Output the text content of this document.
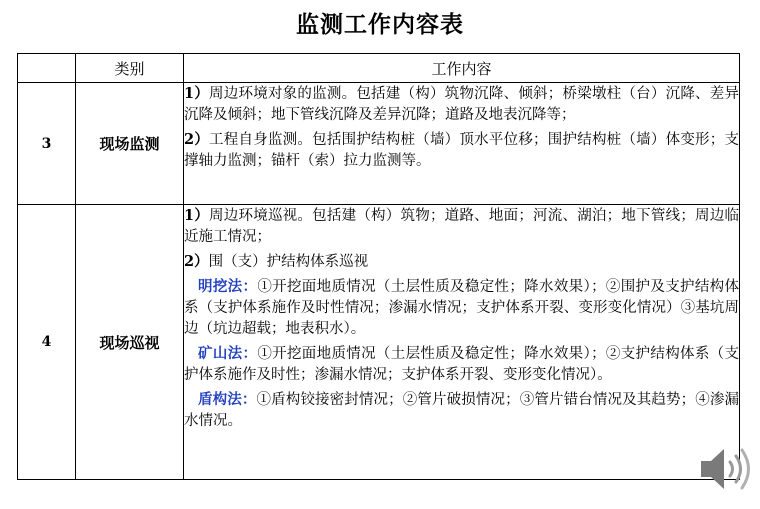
监测工作内容表
	类别	工作内容
3	现场监测	1）周边环境对象的监测。包括建（构）筑物沉降、倾斜；桥梁墩柱（台）沉降、差异沉降及倾斜；地下管线沉降及差异沉降；道路及地表沉降等；

2）工程自身监测。包括围护结构桩（墙）顶水平位移；围护结构桩（墙）体变形；支撑轴力监测；锚杆（索）拉力监测等。

4	现场巡视	1）周边环境巡视。包括建（构）筑物；道路、地面；河流、湖泊；地下管线；周边临近施工情况；

2）围（支）护结构体系巡视

明挖法：①开挖面地质情况（土层性质及稳定性；降水效果）；②围护及支护结构体系（支护体系施作及时性情况；渗漏水情况；支护体系开裂、变形变化情况）③基坑周边（坑边超载；地表积水）。

矿山法：①开挖面地质情况（土层性质及稳定性；降水效果）；②支护结构体系（支护体系施作及时性；渗漏水情况；支护体系开裂、变形变化情况）。

盾构法：①盾构铰接密封情况；②管片破损情况；③管片错台情况及其趋势；④渗漏水情况。
